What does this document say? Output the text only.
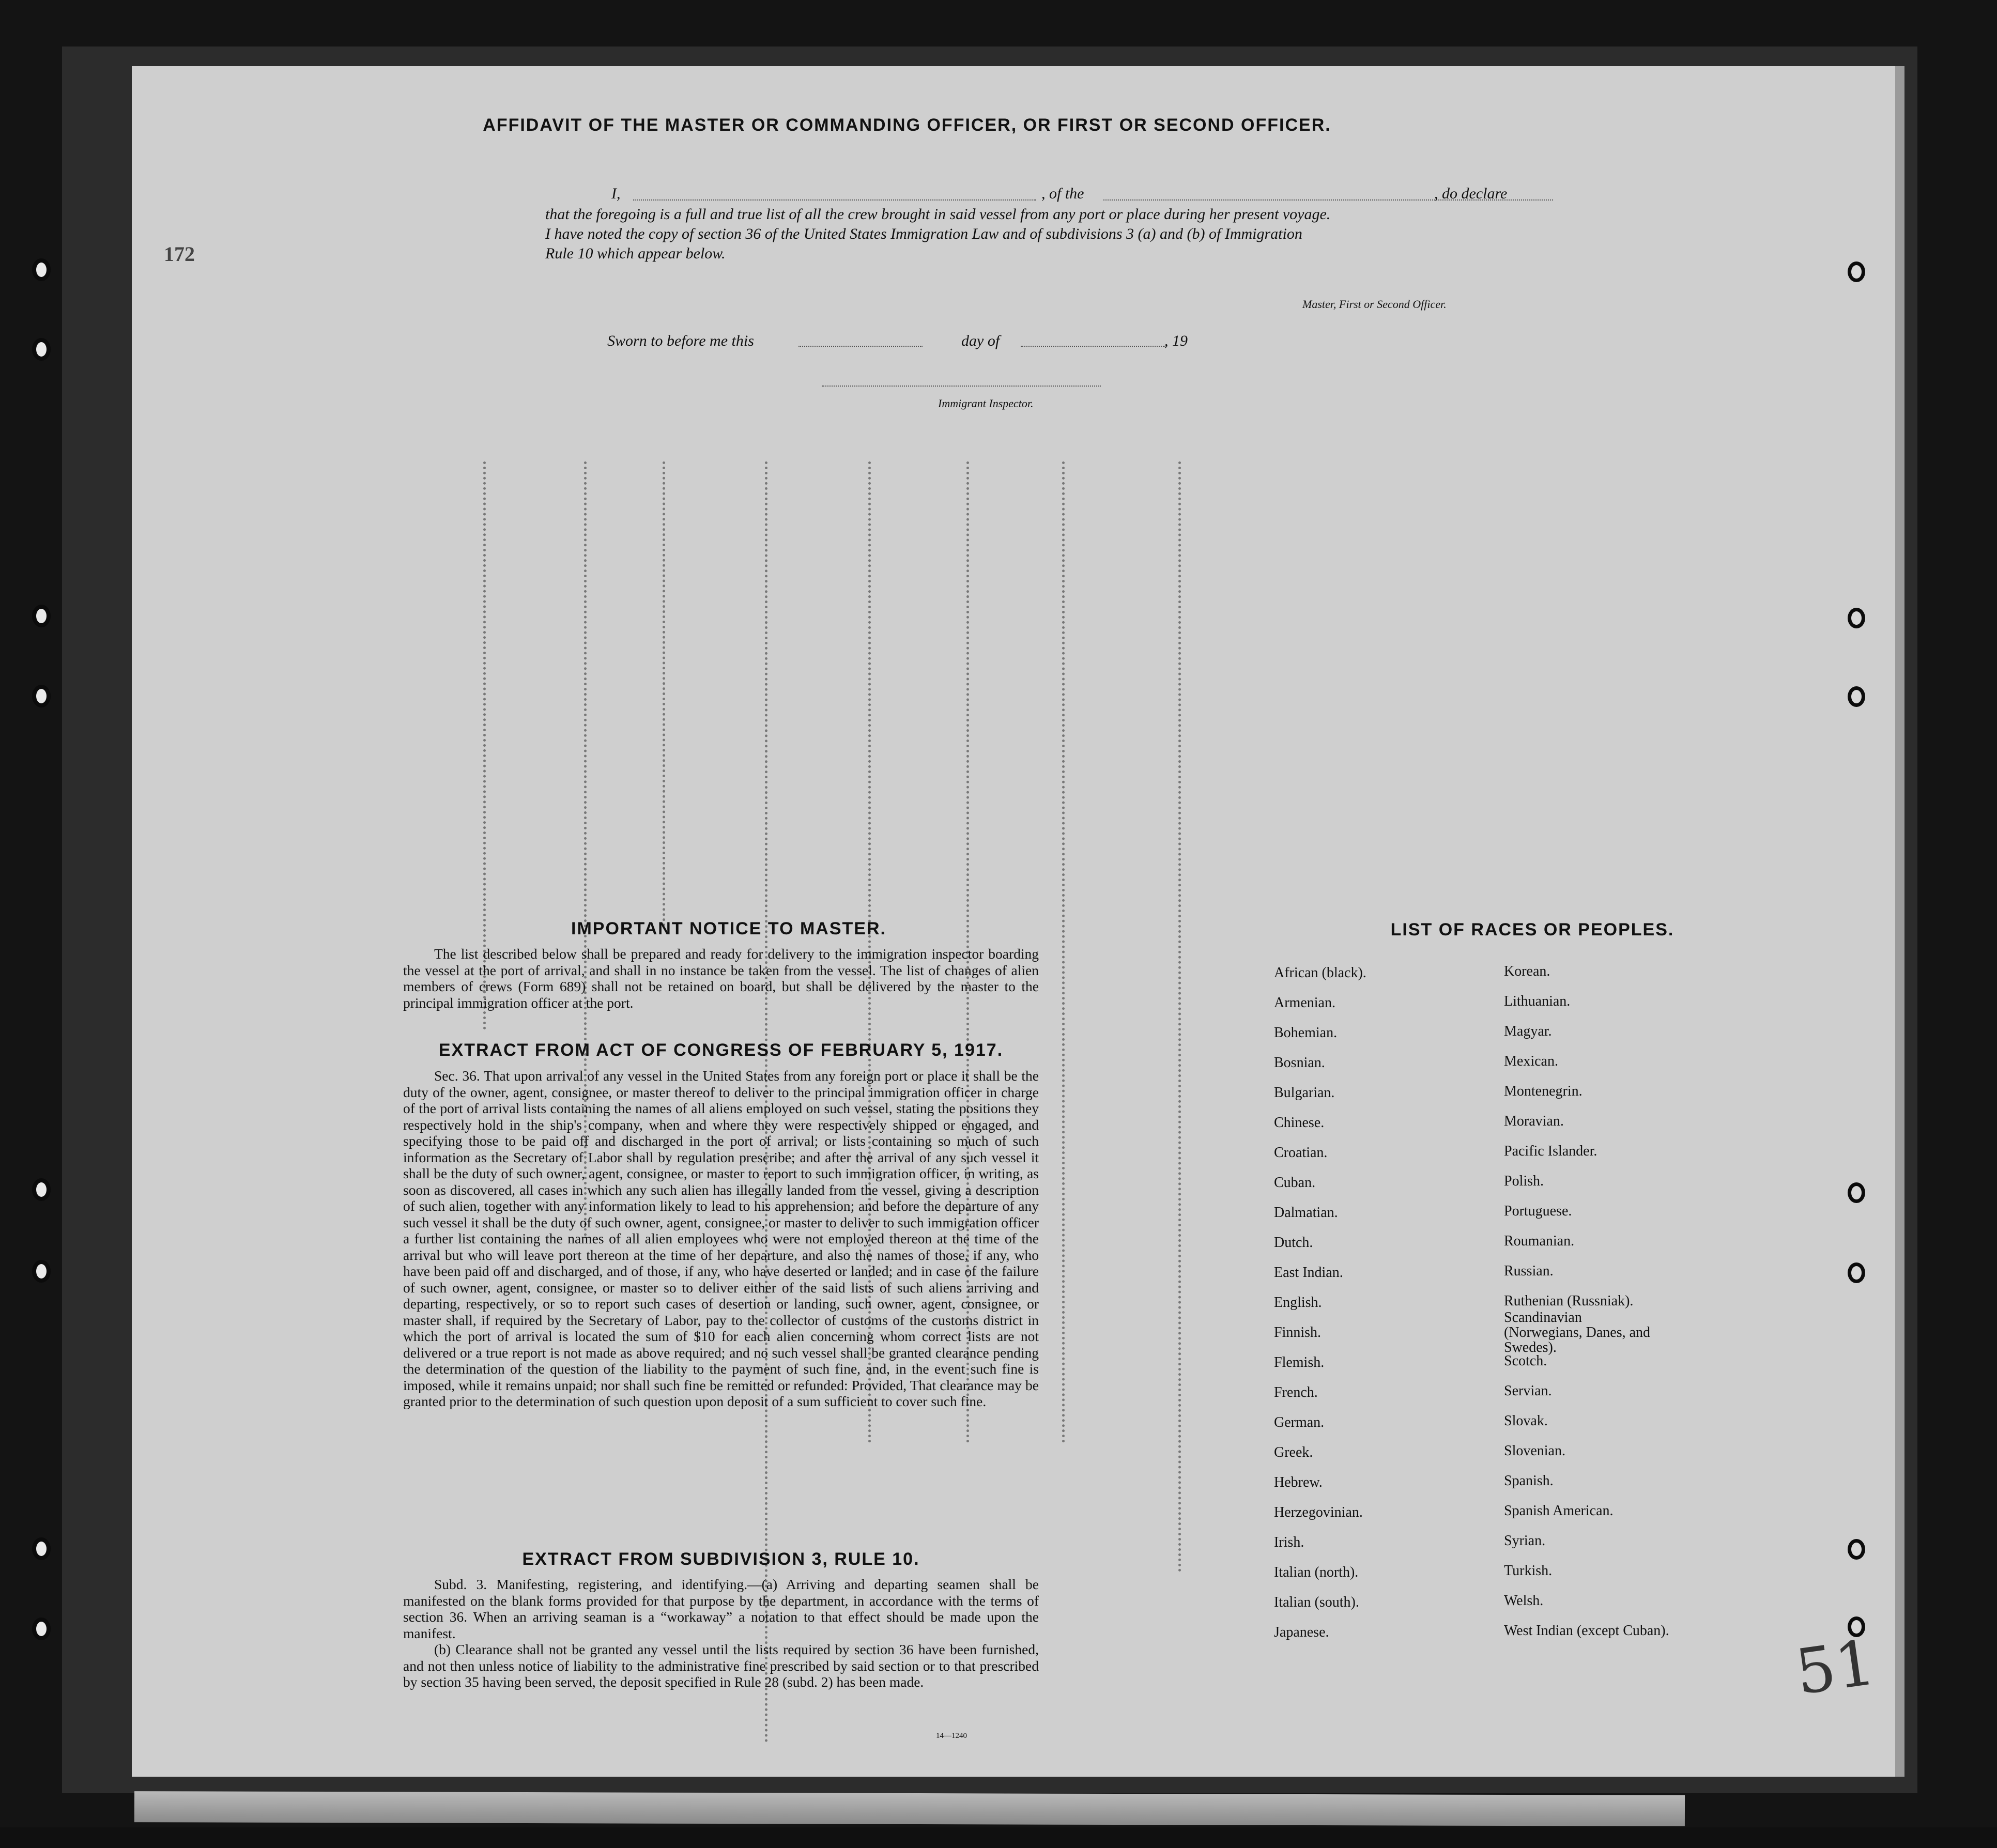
AFFIDAVIT OF THE MASTER OR COMMANDING OFFICER, OR FIRST OR SECOND OFFICER.
I,	, of the	, do declare
that the foregoing is a full and true list of all the crew brought in said vessel from any port or place during her present voyage.
I have noted the copy of section 36 of the United States Immigration Law and of subdivisions 3 (a) and (b) of Immigration
Rule 10 which appear below.
Master, First or Second Officer.
Sworn to before me this	day of	, 19
Immigrant Inspector.
172
IMPORTANT NOTICE TO MASTER.

The list described below shall be prepared and ready for delivery to the immigration inspector boarding the vessel at the port of arrival, and shall in no instance be taken from the vessel. The list of changes of alien members of crews (Form 689) shall not be retained on board, but shall be delivered by the master to the principal immigration officer at the port.

EXTRACT FROM ACT OF CONGRESS OF FEBRUARY 5, 1917.

Sec. 36. That upon arrival of any vessel in the United States from any foreign port or place it shall be the duty of the owner, agent, consignee, or master thereof to deliver to the principal immigration officer in charge of the port of arrival lists containing the names of all aliens employed on such vessel, stating the positions they respectively hold in the ship's company, when and where they were respectively shipped or engaged, and specifying those to be paid off and discharged in the port of arrival; or lists containing so much of such information as the Secretary of Labor shall by regulation prescribe; and after the arrival of any such vessel it shall be the duty of such owner, agent, consignee, or master to report to such immigration officer, in writing, as soon as discovered, all cases in which any such alien has illegally landed from the vessel, giving a description of such alien, together with any information likely to lead to his apprehension; and before the departure of any such vessel it shall be the duty of such owner, agent, consignee, or master to deliver to such immigration officer a further list containing the names of all alien employees who were not employed thereon at the time of the arrival but who will leave port thereon at the time of her departure, and also the names of those, if any, who have been paid off and discharged, and of those, if any, who have deserted or landed; and in case of the failure of such owner, agent, consignee, or master so to deliver either of the said lists of such aliens arriving and departing, respectively, or so to report such cases of desertion or landing, such owner, agent, consignee, or master shall, if required by the Secretary of Labor, pay to the collector of customs of the customs district in which the port of arrival is located the sum of $10 for each alien concerning whom correct lists are not delivered or a true report is not made as above required; and no such vessel shall be granted clearance pending the determination of the question of the liability to the payment of such fine, and, in the event such fine is imposed, while it remains unpaid; nor shall such fine be remitted or refunded: Provided, That clearance may be granted prior to the determination of such question upon deposit of a sum sufficient to cover such fine.

EXTRACT FROM SUBDIVISION 3, RULE 10.

Subd. 3. Manifesting, registering, and identifying.—(a) Arriving and departing seamen shall be manifested on the blank forms provided for that purpose by the department, in accordance with the terms of section 36. When an arriving seaman is a “workaway” a notation to that effect should be made upon the manifest.

(b) Clearance shall not be granted any vessel until the lists required by section 36 have been furnished, and not then unless notice of liability to the administrative fine prescribed by said section or to that prescribed by section 35 having been served, the deposit specified in Rule 28 (subd. 2) has been made.

14—1240
LIST OF RACES OR PEOPLES.
African (black).
Armenian.
Bohemian.
Bosnian.
Bulgarian.
Chinese.
Croatian.
Cuban.
Dalmatian.
Dutch.
East Indian.
English.
Finnish.
Flemish.
French.
German.
Greek.
Hebrew.
Herzegovinian.
Irish.
Italian (north).
Italian (south).
Japanese.
Korean.
Lithuanian.
Magyar.
Mexican.
Montenegrin.
Moravian.
Pacific Islander.
Polish.
Portuguese.
Roumanian.
Russian.
Ruthenian (Russniak).
Scandinavian (Norwegians, Danes, and Swedes).
Scotch.
Servian.
Slovak.
Slovenian.
Spanish.
Spanish American.
Syrian.
Turkish.
Welsh.
West Indian (except Cuban). 51
